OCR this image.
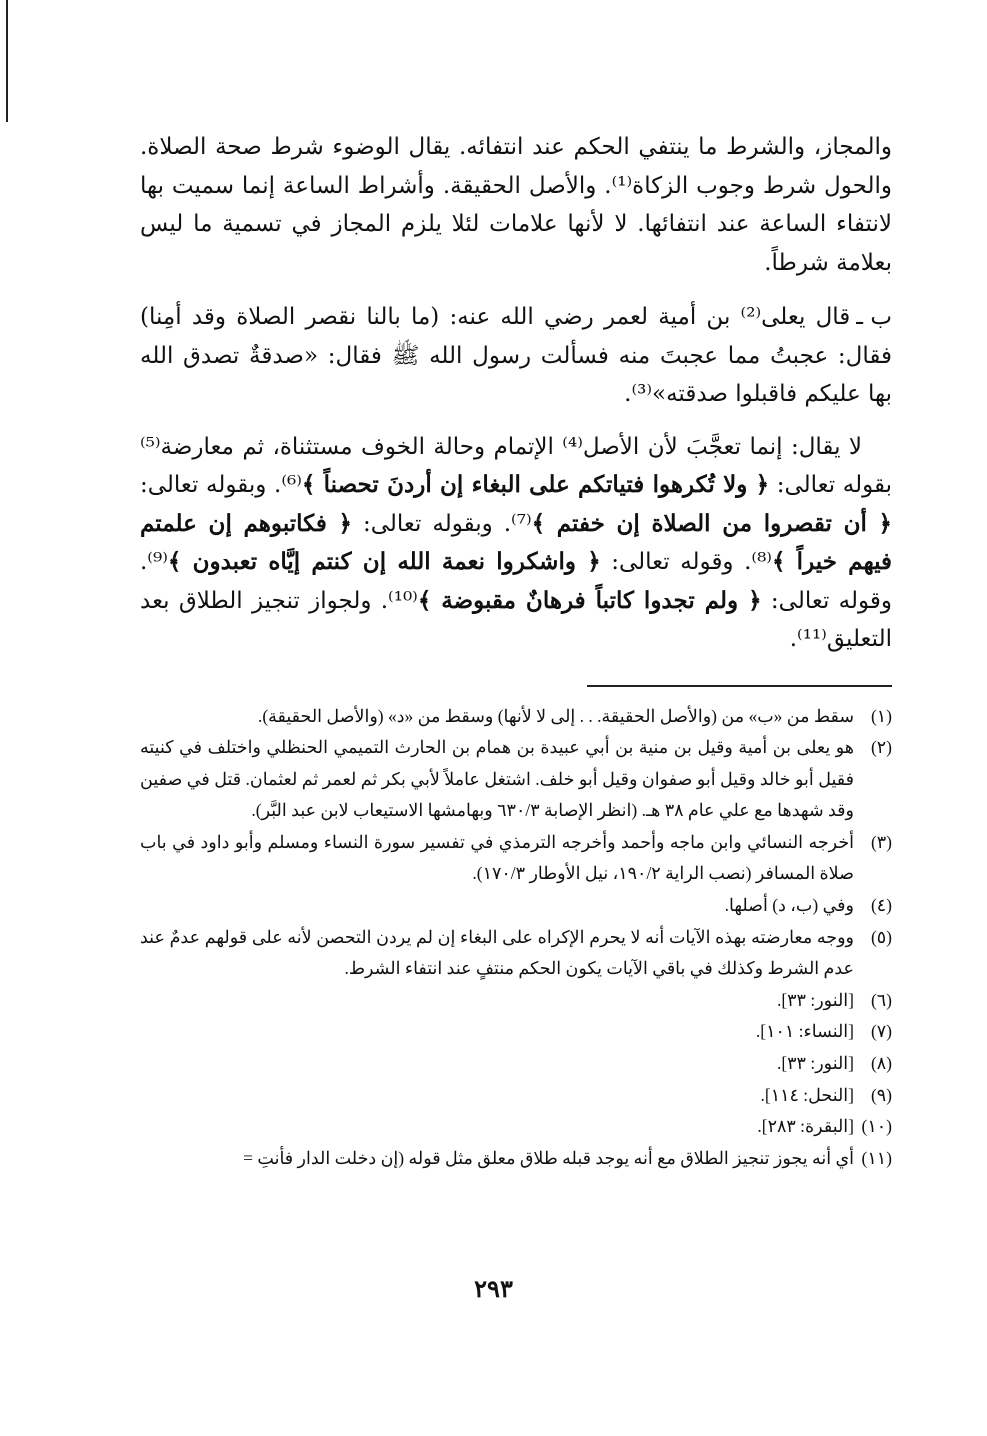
والمجاز، والشرط ما ينتفي الحكم عند انتفائه. يقال الوضوء شرط صحة الصلاة. والحول شرط وجوب الزكاة⁽¹⁾. والأصل الحقيقة. وأشراط الساعة إنما سميت بها لانتفاء الساعة عند انتفائها. لا لأنها علامات لئلا يلزم المجاز في تسمية ما ليس بعلامة شرطاً.

ب ـقال يعلى⁽²⁾ بن أمية لعمر رضي الله عنه: (ما بالنا نقصر الصلاة وقد أمِنا) فقال: عجبتُ مما عجبتَ منه فسألت رسول الله ﷺ فقال: «صدقةٌ تصدق الله بها عليكم فاقبلوا صدقته»⁽³⁾.

لا يقال: إنما تعجَّبَ لأن الأصل⁽⁴⁾ الإتمام وحالة الخوف مستثناة، ثم معارضة⁽⁵⁾ بقوله تعالى: ﴿ ولا تُكرهوا فتياتكم على البغاء إن أردنَ تحصناً ﴾⁽⁶⁾. وبقوله تعالى: ﴿ أن تقصروا من الصلاة إن خفتم ﴾⁽⁷⁾. وبقوله تعالى: ﴿ فكاتبوهم إن علمتم فيهم خيراً ﴾⁽⁸⁾. وقوله تعالى: ﴿ واشكروا نعمة الله إن كنتم إيَّاه تعبدون ﴾⁽⁹⁾. وقوله تعالى: ﴿ ولم تجدوا كاتباً فرهانٌ مقبوضة ﴾⁽¹⁰⁾. ولجواز تنجيز الطلاق بعد التعليق⁽¹¹⁾.

(١)
سقط من «ب» من (والأصل الحقيقة. . . إلى لا لأنها) وسقط من «د» (والأصل الحقيقة).
(٢)
هو يعلى بن أمية وقيل بن منية بن أبي عبيدة بن همام بن الحارث التميمي الحنظلي واختلف في كنيته فقيل أبو خالد وقيل أبو صفوان وقيل أبو خلف. اشتغل عاملاً لأبي بكر ثم لعمر ثم لعثمان. قتل في صفين وقد شهدها مع علي عام ٣٨ هـ. (انظر الإصابة ٦٣٠/٣ وبهامشها الاستيعاب لابن عبد البَّر).
(٣)
أخرجه النسائي وابن ماجه وأحمد وأخرجه الترمذي في تفسير سورة النساء ومسلم وأبو داود في باب صلاة المسافر (نصب الراية ١٩٠/٢، نيل الأوطار ١٧٠/٣).
(٤)
وفي (ب، د) أصلها.
(٥)
ووجه معارضته بهذه الآيات أنه لا يحرم الإكراه على البغاء إن لم يردن التحصن لأنه على قولهم عدمٌ عند عدم الشرط وكذلك في باقي الآيات يكون الحكم منتفٍ عند انتفاء الشرط.
(٦)
[النور: ٣٣].
(٧)
[النساء: ١٠١].
(٨)
[النور: ٣٣].
(٩)
[النحل: ١١٤].
(١٠)
[البقرة: ٢٨٣].
(١١)
أي أنه يجوز تنجيز الطلاق مع أنه يوجد قبله طلاق معلق مثل قوله (إن دخلت الدار فأنتِ =
٢٩٣
